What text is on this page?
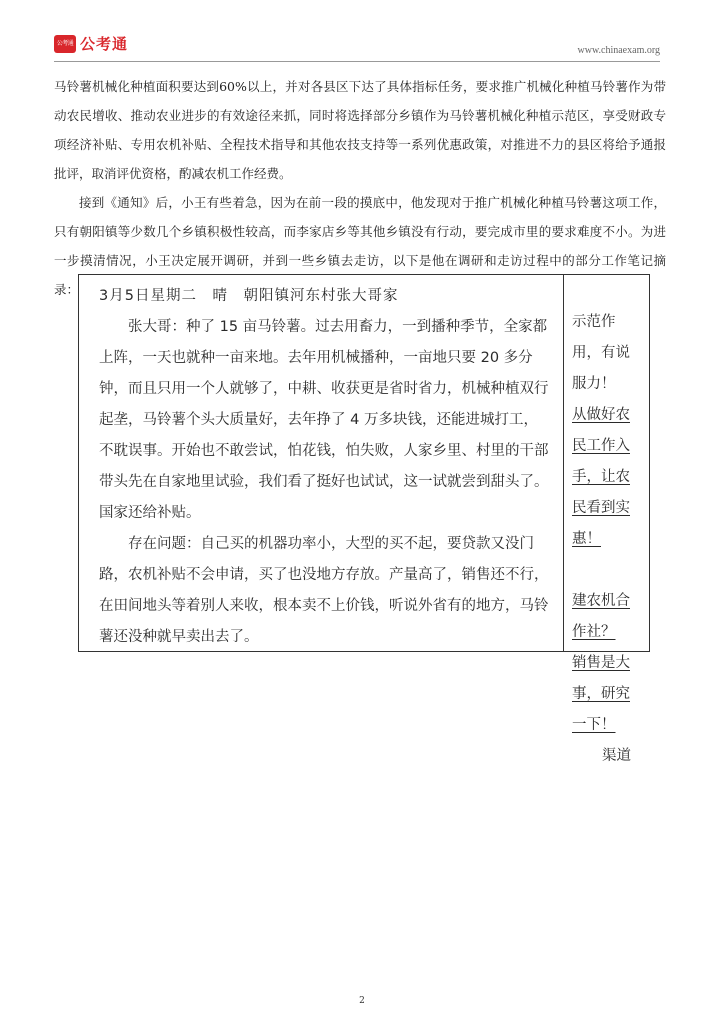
公考通 公考通	www.chinaexam.org

马铃薯机械化种植面积要达到60%以上，并对各县区下达了具体指标任务，要求推广机械化种植马铃薯作为带动农民增收、推动农业进步的有效途径来抓，同时将选择部分乡镇作为马铃薯机械化种植示范区，享受财政专项经济补贴、专用农机补贴、全程技术指导和其他农技支持等一系列优惠政策，对推进不力的县区将给予通报批评，取消评优资格，酌减农机工作经费。

接到《通知》后，小王有些着急，因为在前一段的摸底中，他发现对于推广机械化种植马铃薯这项工作，只有朝阳镇等少数几个乡镇积极性较高，而李家店乡等其他乡镇没有行动，要完成市里的要求难度不小。为进一步摸清情况，小王决定展开调研，并到一些乡镇去走访，以下是他在调研和走访过程中的部分工作笔记摘录：	3月5日星期二　晴　朝阳镇河东村张大哥家

张大哥：种了 15 亩马铃薯。过去用畜力，一到播种季节，全家都上阵，一天也就种一亩来地。去年用机械播种，一亩地只要 20 多分钟，而且只用一个人就够了，中耕、收获更是省时省力，机械种植双行起垄，马铃薯个头大质量好，去年挣了 4 万多块钱，还能进城打工，不耽误事。开始也不敢尝试，怕花钱，怕失败，人家乡里、村里的干部带头先在自家地里试验，我们看了挺好也试试，这一试就尝到甜头了。国家还给补贴。

存在问题：自己买的机器功率小，大型的买不起，要贷款又没门路，农机补贴不会申请，买了也没地方存放。产量高了，销售还不行，在田间地头等着别人来收，根本卖不上价钱，听说外省有的地方，马铃薯还没种就早卖出去了。

示范作用，有说服力！

从做好农民工作入手，让农民看到实惠！

建农机合作社？

销售是大事，研究一下！

渠道

2
